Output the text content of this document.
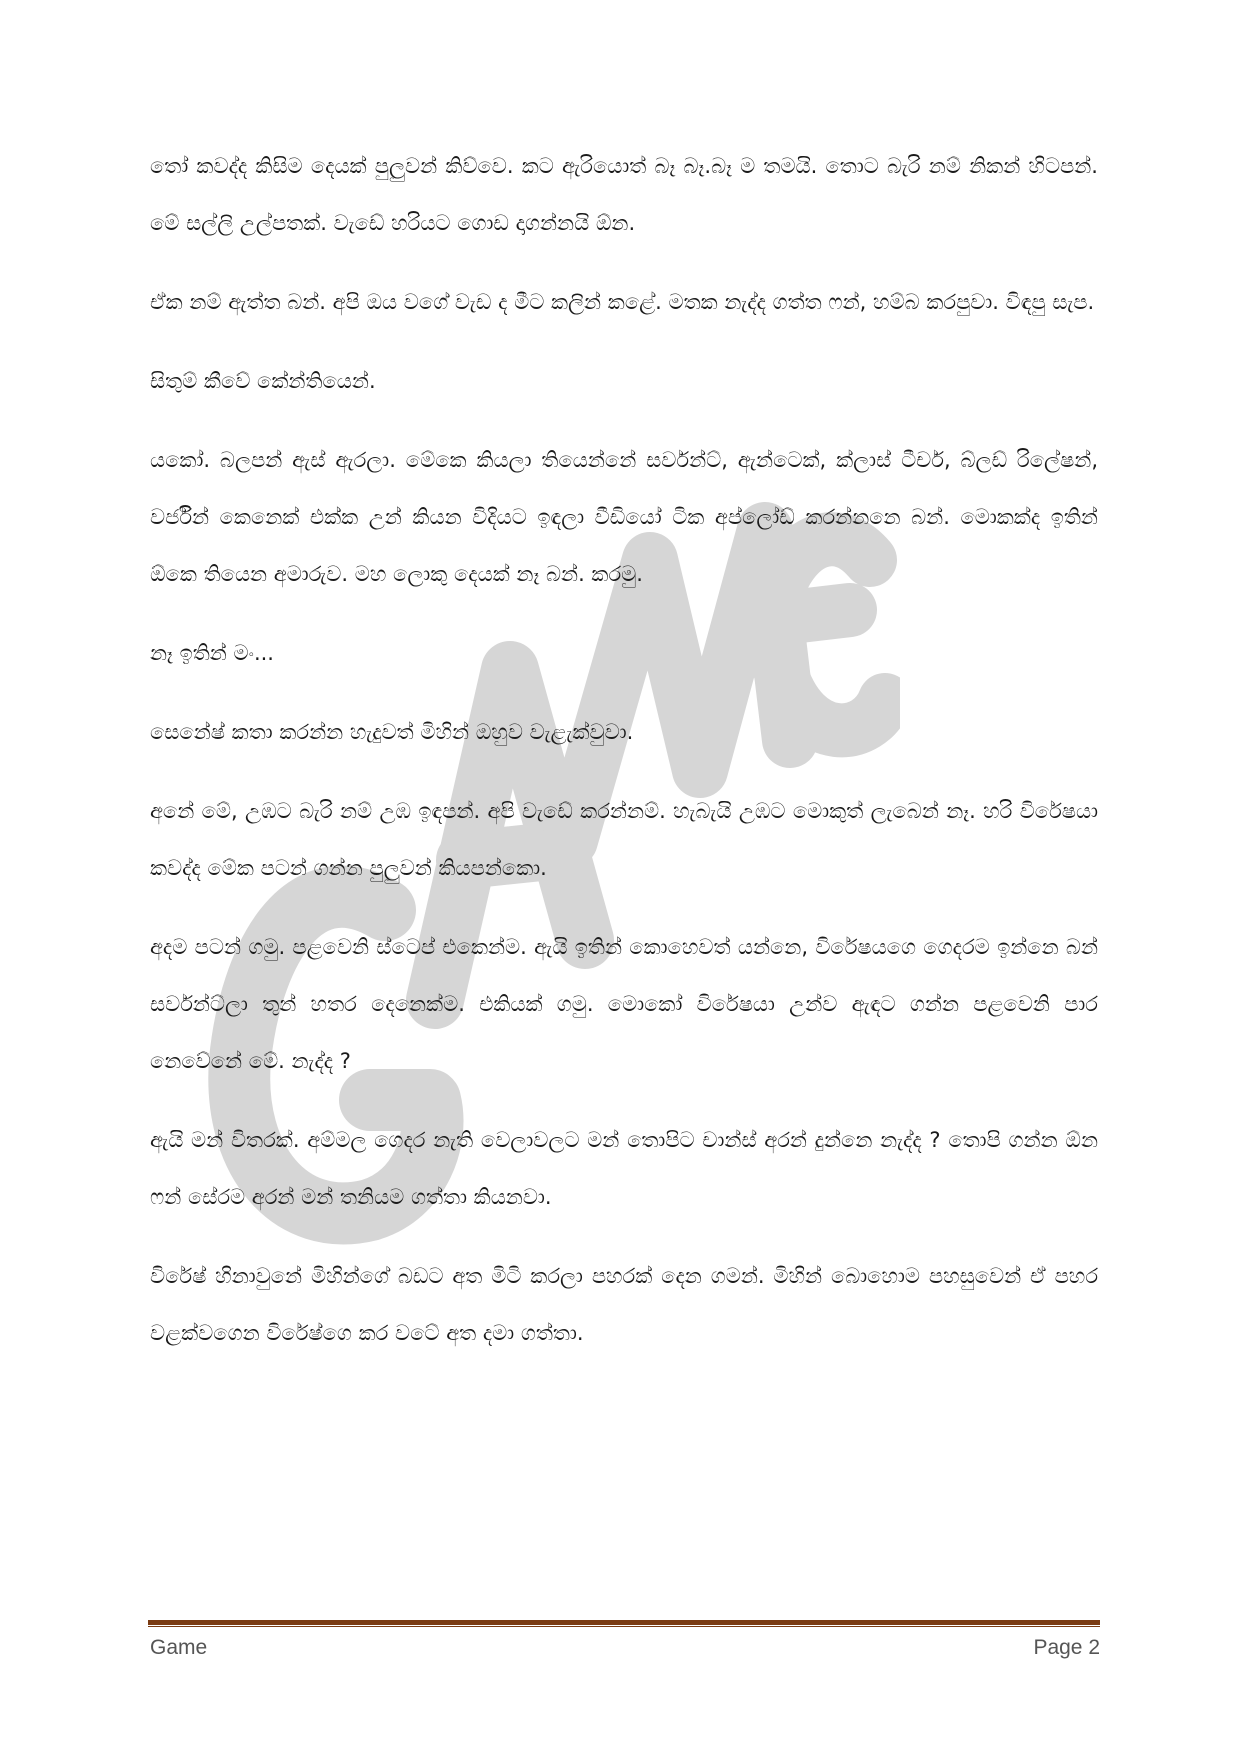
තෝ කවද්ද කිසිම දෙයක් පුලුවන් කිව්වෙ. කට ඇරියොත් බෑ බෑ.බෑ ම තමයි. තොට බැරි නම් නිකන් හිටපන්. මේ සල්ලි උල්පතක්. වැඩේ හරියට ගොඩ දාගන්නයි ඕන.

ඒක නම් ඇත්ත බන්. අපි ඔය වගේ වැඩ ද මීට කලින් කළේ. මතක නැද්ද ගත්ත ෆන්, හම්බ කරපුවා. විඳපු සැප.

සිතුම් කීවේ කේන්තියෙන්.

යකෝ. බලපන් ඇස් ඇරලා. මේකෙ කියලා තියෙන්නේ සර්වන්ට්, ඇන්ටෙක්, ක්ලාස් ටීචර්, බ්ලඩ් රිලේෂන්, වර්ජින් කෙනෙක් එක්ක උන් කියන විදියට ඉඳලා වීඩියෝ ටික අප්ලෝඩ් කරන්නනෙ බන්. මොකක්ද ඉතින් ඕකෙ තියෙන අමාරුව. මහ ලොකු දෙයක් නෑ බන්. කරමු.

නෑ ඉතින් මං...

සෙනේෂ් කතා කරන්න හැදුවත් මිහින් ඔහුව වැළැක්වුවා.

අනේ මේ, උඹට බැරි නම් උඹ ඉඳපන්. අපි වැඩේ කරන්නම්. හැබැයි උඹට මොකුත් ලැබෙන් නෑ. හරි විරේෂයා කවද්ද මේක පටන් ගන්න පුලුවන් කියපන්කො.

අදම පටන් ගමු. පළවෙනි ස්ටෙප් එකෙන්ම. ඇයි ඉතින් කොහෙවත් යන්නෙ, විරේෂයගෙ ගෙදරම ඉන්නෙ බන් සර්වන්ට්ලා තුන් හතර දෙනෙක්ම. එකියක් ගමු. මොකෝ විරේෂයා උන්ව ඇඳට ගන්න පළවෙනි පාර නෙවේනේ මේ. නැද්ද ?

ඇයි මන් විතරක්. අම්මල ගෙදර නැති වෙලාවලට මන් තොපිට චාන්ස් අරන් දුන්නෙ නැද්ද ? තොපි ගන්න ඕන ෆන් සේරම අරන් මන් තනියම ගත්තා කියනවා.

විරේෂ් හිනාවුනේ මිහින්ගේ බඩට අත මිටි කරලා පහරක් දෙන ගමන්. මිහින් බොහොම පහසුවෙන් ඒ පහර වළක්වගෙන විරේෂ්ගෙ කර වටේ අත දමා ගත්තා.

Game	Page 2
